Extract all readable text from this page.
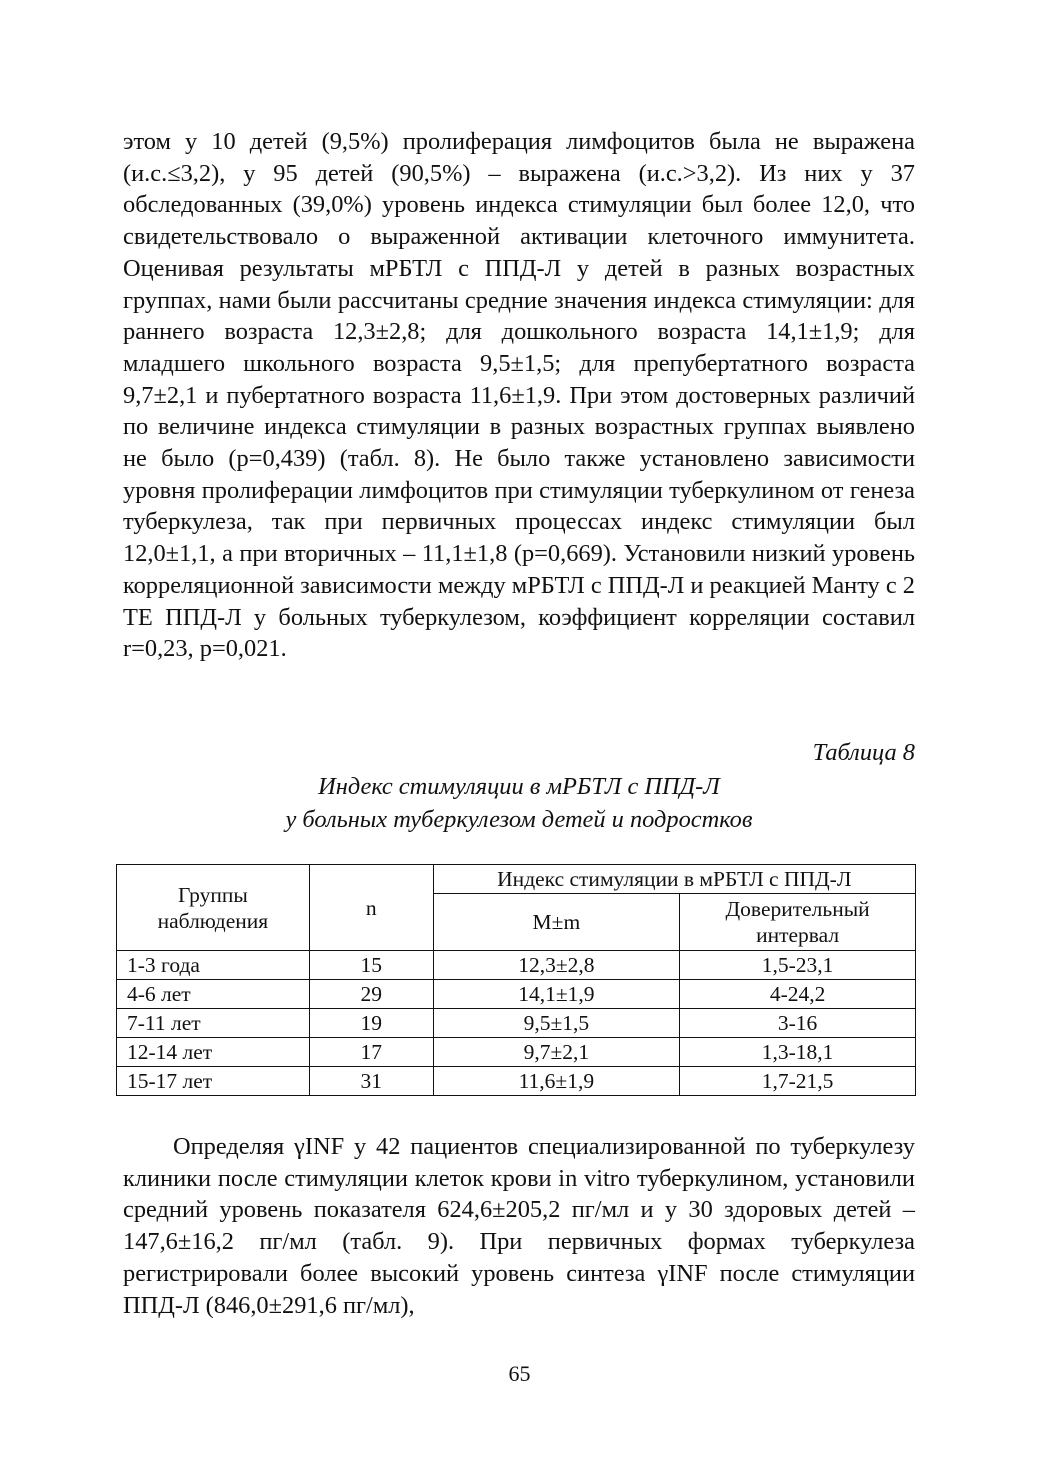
этом у 10 детей (9,5%) пролиферация лимфоцитов была не выражена (и.с.≤3,2), у 95 детей (90,5%) – выражена (и.с.>3,2). Из них у 37 обследованных (39,0%) уровень индекса стимуляции был более 12,0, что свидетельствовало о выраженной активации клеточного иммунитета. Оценивая результаты мРБТЛ с ППД-Л у детей в разных возрастных группах, нами были рассчитаны средние значения индекса стимуляции: для раннего возраста 12,3±2,8; для дошкольного возраста 14,1±1,9; для младшего школьного возраста 9,5±1,5; для препубертатного возраста 9,7±2,1 и пубертатного возраста 11,6±1,9. При этом достоверных различий по величине индекса стимуляции в разных возрастных группах выявлено не было (р=0,439) (табл. 8). Не было также установлено зависимости уровня пролиферации лимфоцитов при стимуляции туберкулином от генеза туберкулеза, так при первичных процессах индекс стимуляции был 12,0±1,1, а при вторичных – 11,1±1,8 (р=0,669). Установили низкий уровень корреляционной зависимости между мРБТЛ с ППД-Л и реакцией Манту с 2 ТЕ ППД-Л у больных туберкулезом, коэффициент корреляции составил r=0,23, р=0,021.

Таблица 8

Индекс стимуляции в мРБТЛ с ППД-Л
у больных туберкулезом детей и подростков
Группы наблюдения	n	Индекс стимуляции в мРБТЛ с ППД-Л	
		M±m	Доверительный интервал
1-3 года	15	12,3±2,8	1,5-23,1
4-6 лет	29	14,1±1,9	4-24,2
7-11 лет	19	9,5±1,5	3-16
12-14 лет	17	9,7±2,1	1,3-18,1
15-17 лет	31	11,6±1,9	1,7-21,5

Определяя γINF у 42 пациентов специализированной по туберкулезу клиники после стимуляции клеток крови in vitro туберкулином, установили средний уровень показателя 624,6±205,2 пг/мл и у 30 здоровых детей – 147,6±16,2 пг/мл (табл. 9). При первичных формах туберкулеза регистрировали более высокий уровень синтеза γINF после стимуляции ППД-Л (846,0±291,6 пг/мл),

65
